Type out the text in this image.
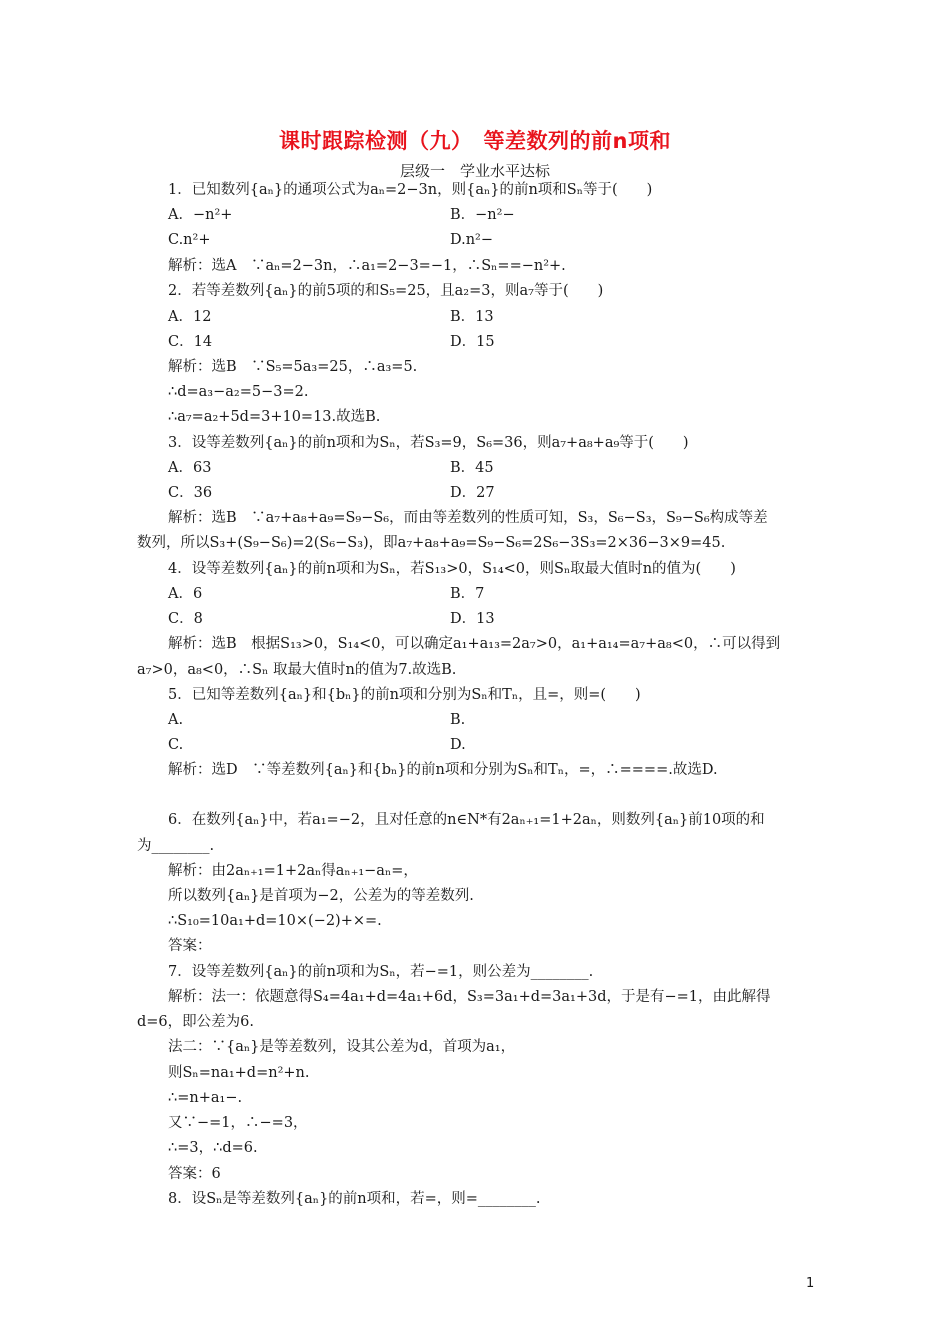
课时跟踪检测（九）　等差数列的前n项和
层级一　学业水平达标
1．已知数列{aₙ}的通项公式为aₙ=2−3n，则{aₙ}的前n项和Sₙ等于(　　)
A．−n²+	B．−n²−
C.n²+	D.n²−
解析：选A　∵aₙ=2−3n，∴a₁=2−3=−1，∴Sₙ==−n²+.
2．若等差数列{aₙ}的前5项的和S₅=25，且a₂=3，则a₇等于(　　)
A．12	B．13
C．14	D．15
解析：选B　∵S₅=5a₃=25，∴a₃=5.
∴d=a₃−a₂=5−3=2.
∴a₇=a₂+5d=3+10=13.故选B.
3．设等差数列{aₙ}的前n项和为Sₙ，若S₃=9，S₆=36，则a₇+a₈+a₉等于(　　)
A．63	B．45
C．36	D．27
解析：选B　∵a₇+a₈+a₉=S₉−S₆，而由等差数列的性质可知，S₃，S₆−S₃，S₉−S₆构成等差
数列，所以S₃+(S₉−S₆)=2(S₆−S₃)，即a₇+a₈+a₉=S₉−S₆=2S₆−3S₃=2×36−3×9=45.
4．设等差数列{aₙ}的前n项和为Sₙ，若S₁₃>0，S₁₄<0，则Sₙ取最大值时n的值为(　　)
A．6	B．7
C．8	D．13
解析：选B　根据S₁₃>0，S₁₄<0，可以确定a₁+a₁₃=2a₇>0，a₁+a₁₄=a₇+a₈<0，∴可以得到
a₇>0，a₈<0，∴Sₙ 取最大值时n的值为7.故选B.
5．已知等差数列{aₙ}和{bₙ}的前n项和分别为Sₙ和Tₙ，且=，则=(　　)
A.	B.
C.	D.
解析：选D　∵等差数列{aₙ}和{bₙ}的前n项和分别为Sₙ和Tₙ，=，∴====.故选D.
6．在数列{aₙ}中，若a₁=−2，且对任意的n∈N*有2aₙ₊₁=1+2aₙ，则数列{aₙ}前10项的和
为________.
解析：由2aₙ₊₁=1+2aₙ得aₙ₊₁−aₙ=，
所以数列{aₙ}是首项为−2，公差为的等差数列.
∴S₁₀=10a₁+d=10×(−2)+×=.
答案：
7．设等差数列{aₙ}的前n项和为Sₙ，若−=1，则公差为________.
解析：法一：依题意得S₄=4a₁+d=4a₁+6d，S₃=3a₁+d=3a₁+3d，于是有−=1，由此解得
d=6，即公差为6.
法二：∵{aₙ}是等差数列，设其公差为d，首项为a₁，
则Sₙ=na₁+d=n²+n.
∴=n+a₁−.
又∵−=1，∴−=3，
∴=3，∴d=6.
答案：6
8．设Sₙ是等差数列{aₙ}的前n项和，若=，则=________.
1
